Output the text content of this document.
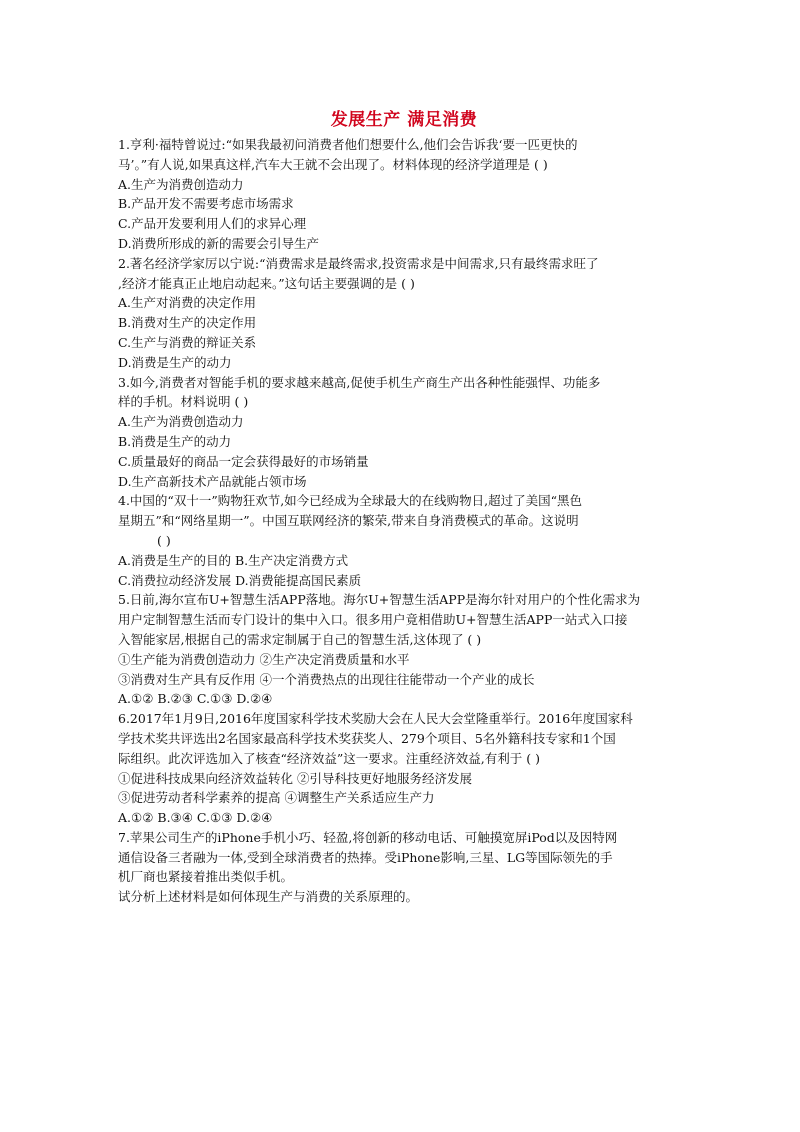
发展生产 满足消费
1.亨利·福特曾说过:“如果我最初问消费者他们想要什么,他们会告诉我‘要一匹更快的
马’。”有人说,如果真这样,汽车大王就不会出现了。材料体现的经济学道理是 ( )
A.生产为消费创造动力
B.产品开发不需要考虑市场需求
C.产品开发要利用人们的求异心理
D.消费所形成的新的需要会引导生产
2.著名经济学家厉以宁说:“消费需求是最终需求,投资需求是中间需求,只有最终需求旺了
,经济才能真正止地启动起来。”这句话主要强调的是 ( )
A.生产对消费的决定作用
B.消费对生产的决定作用
C.生产与消费的辩证关系
D.消费是生产的动力
3.如今,消费者对智能手机的要求越来越高,促使手机生产商生产出各种性能强悍、功能多
样的手机。材料说明 ( )
A.生产为消费创造动力
B.消费是生产的动力
C.质量最好的商品一定会获得最好的市场销量
D.生产高新技术产品就能占领市场
4.中国的“双十一”购物狂欢节,如今已经成为全球最大的在线购物日,超过了美国“黑色
星期五”和“网络星期一”。中国互联网经济的繁荣,带来自身消费模式的革命。这说明
( )
A.消费是生产的目的 B.生产决定消费方式
C.消费拉动经济发展 D.消费能提高国民素质
5.日前,海尔宣布U+智慧生活APP落地。海尔U+智慧生活APP是海尔针对用户的个性化需求为
用户定制智慧生活而专门设计的集中入口。很多用户竟相借助U+智慧生活APP一站式入口接
入智能家居,根据自己的需求定制属于自己的智慧生活,这体现了 ( )
①生产能为消费创造动力 ②生产决定消费质量和水平
③消费对生产具有反作用 ④一个消费热点的出现往往能带动一个产业的成长
A.①② B.②③ C.①③ D.②④
6.2017年1月9日,2016年度国家科学技术奖励大会在人民大会堂隆重举行。2016年度国家科
学技术奖共评选出2名国家最高科学技术奖获奖人、279个项目、5名外籍科技专家和1个国
际组织。此次评选加入了核查“经济效益”这一要求。注重经济效益,有利于 ( )
①促进科技成果向经济效益转化 ②引导科技更好地服务经济发展
③促进劳动者科学素养的提高 ④调整生产关系适应生产力
A.①② B.③④ C.①③ D.②④
7.苹果公司生产的iPhone手机小巧、轻盈,将创新的移动电话、可触摸宽屏iPod以及因特网
通信设备三者融为一体,受到全球消费者的热捧。受iPhone影响,三星、LG等国际领先的手
机厂商也紧接着推出类似手机。
试分析上述材料是如何体现生产与消费的关系原理的。
